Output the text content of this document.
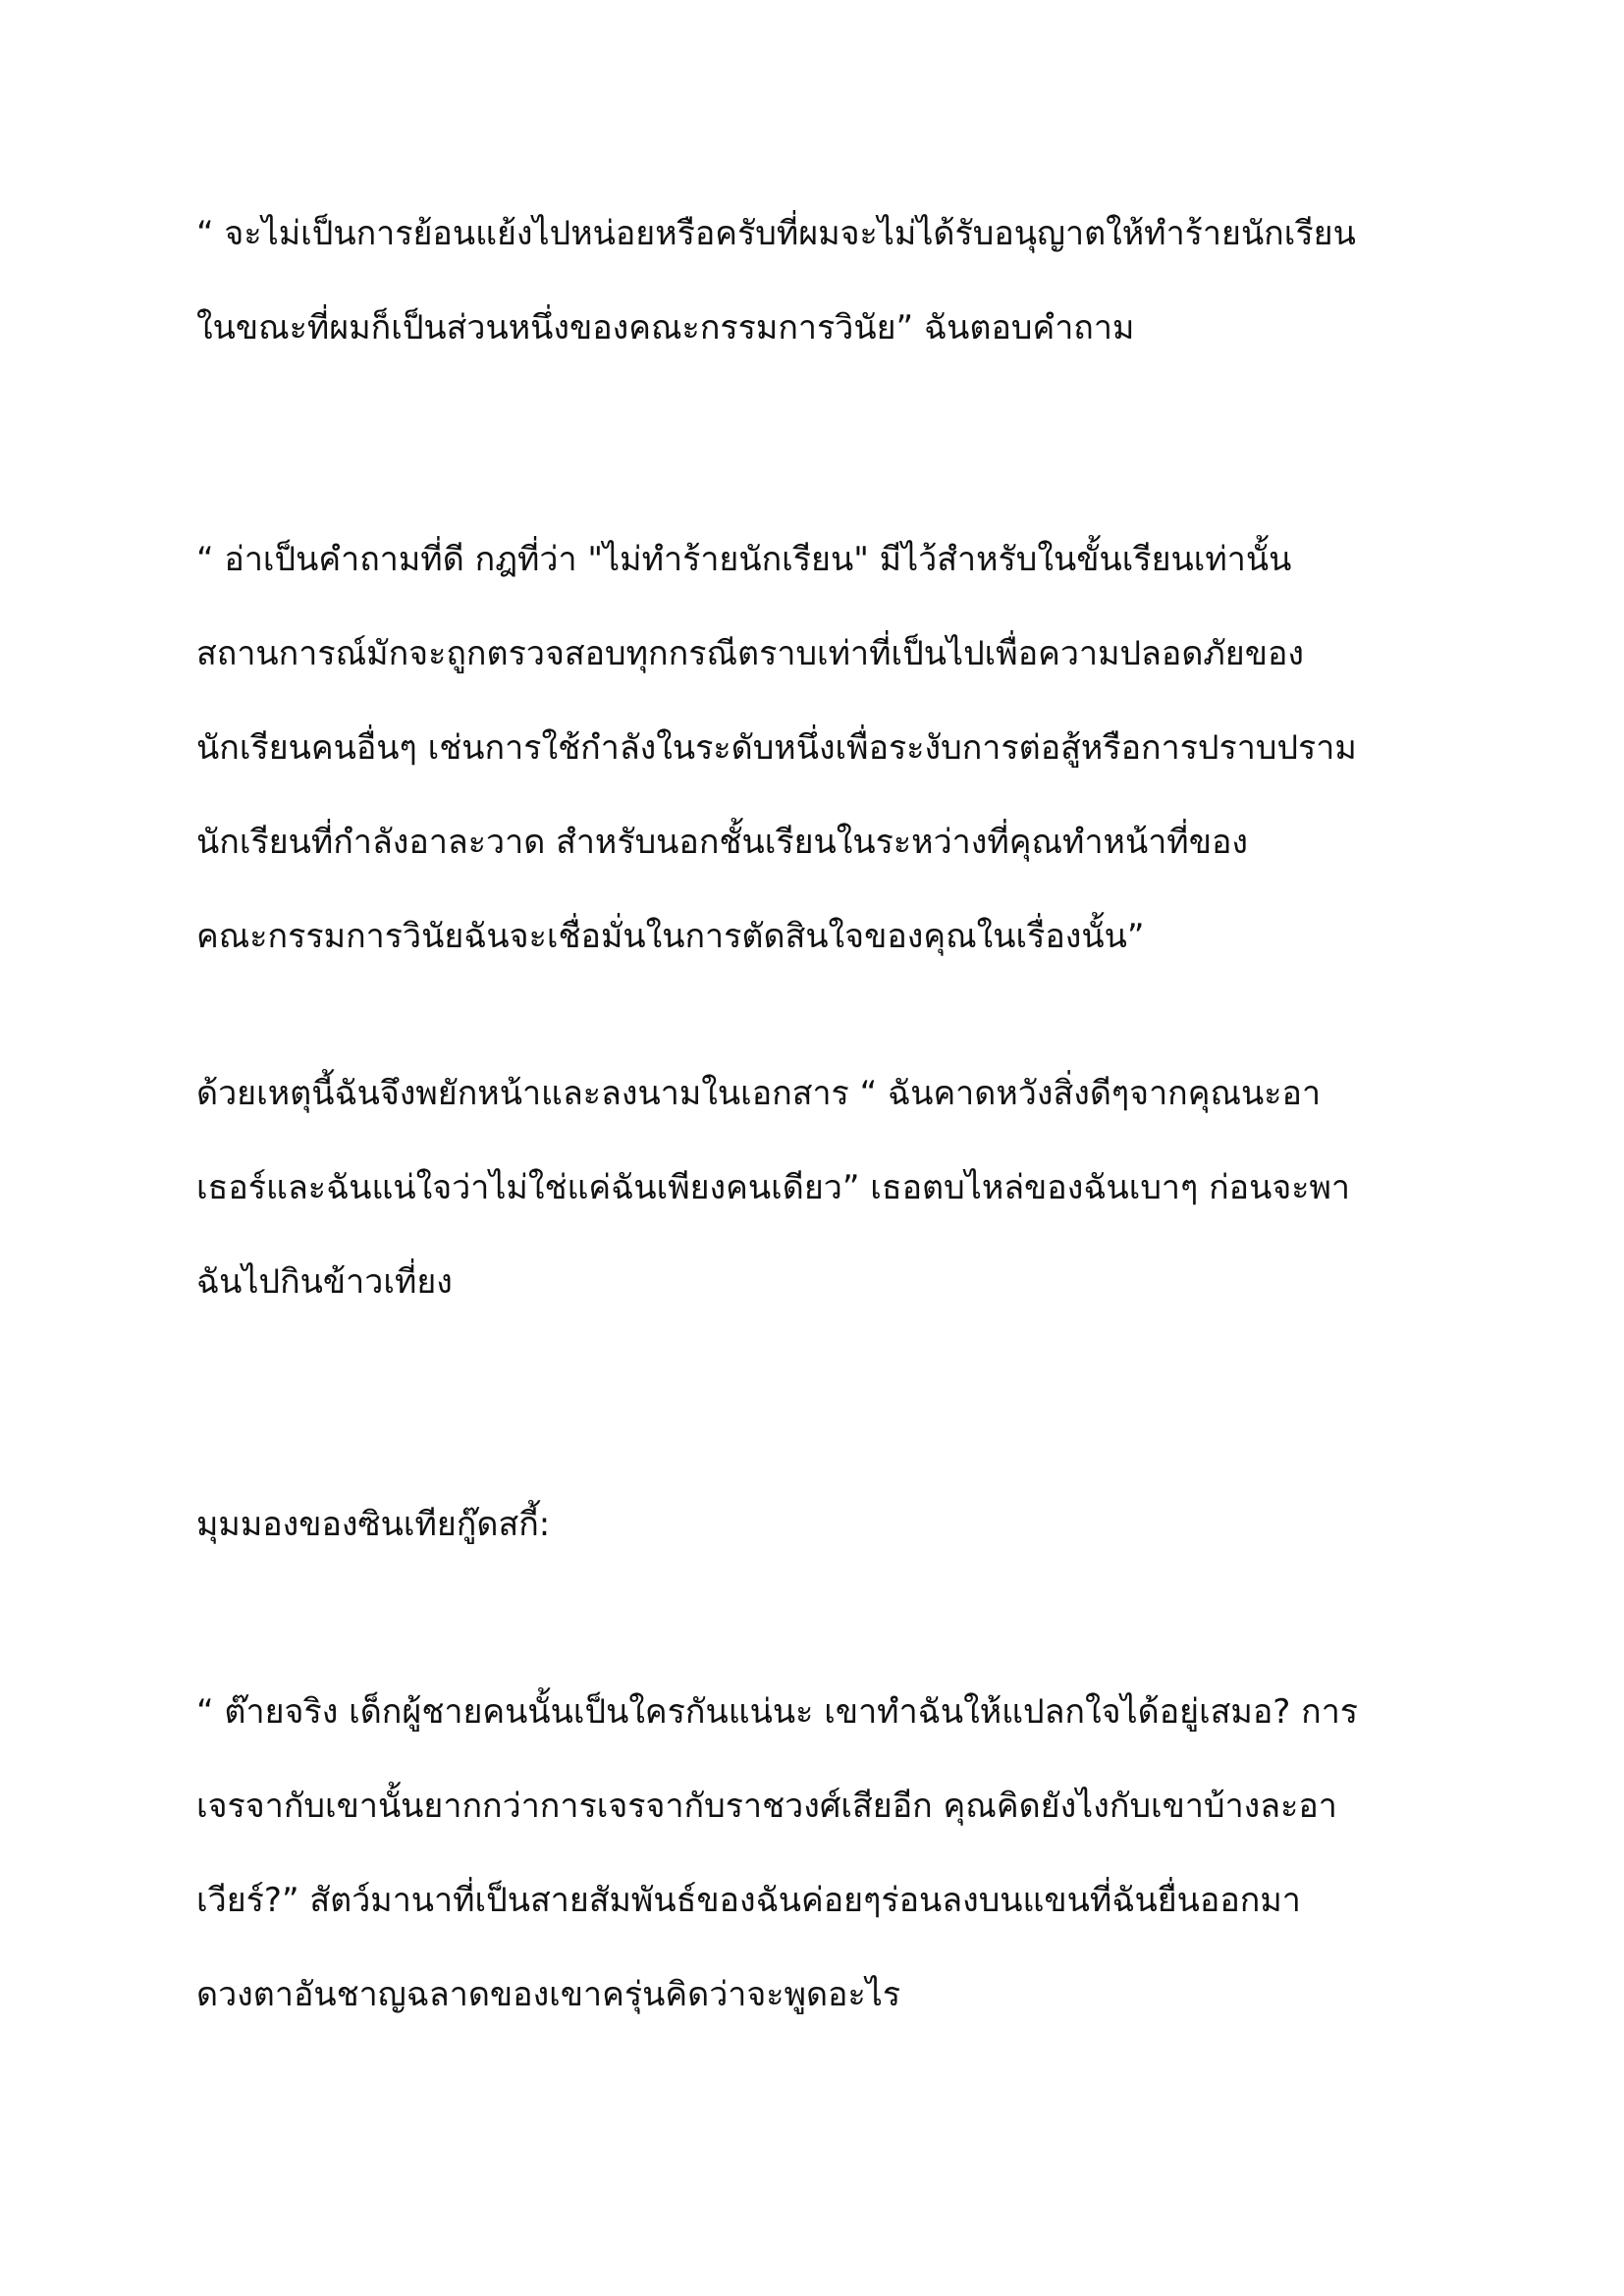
“ จะไม่เป็นการย้อนแย้งไปหน่อยหรือครับที่ผมจะไม่ได้รับอนุญาตให้ทำร้ายนักเรียน
ในขณะที่ผมก็เป็นส่วนหนึ่งของคณะกรรมการวินัย” ฉันตอบคำถาม

“ อ่าเป็นคำถามที่ดี กฎที่ว่า "ไม่ทำร้ายนักเรียน" มีไว้สำหรับในขั้นเรียนเท่านั้น
สถานการณ์มักจะถูกตรวจสอบทุกกรณีตราบเท่าที่เป็นไปเพื่อความปลอดภัยของ
นักเรียนคนอื่นๆ เช่นการใช้กำลังในระดับหนึ่งเพื่อระงับการต่อสู้หรือการปราบปราม
นักเรียนที่กำลังอาละวาด สำหรับนอกชั้นเรียนในระหว่างที่คุณทำหน้าที่ของ
คณะกรรมการวินัยฉันจะเชื่อมั่นในการตัดสินใจของคุณในเรื่องนั้น”

ด้วยเหตุนี้ฉันจึงพยักหน้าและลงนามในเอกสาร “ ฉันคาดหวังสิ่งดีๆจากคุณนะอา
เธอร์และฉันแน่ใจว่าไม่ใช่แค่ฉันเพียงคนเดียว” เธอตบไหล่ของฉันเบาๆ ก่อนจะพา
ฉันไปกินข้าวเที่ยง

มุมมองของซินเทียกู๊ดสกี้:

“ ต๊ายจริง เด็กผู้ชายคนนั้นเป็นใครกันแน่นะ เขาทำฉันให้แปลกใจได้อยู่เสมอ? การ
เจรจากับเขานั้นยากกว่าการเจรจากับราชวงศ์เสียอีก คุณคิดยังไงกับเขาบ้างละอา
เวียร์?” สัตว์มานาที่เป็นสายสัมพันธ์ของฉันค่อยๆร่อนลงบนแขนที่ฉันยื่นออกมา
ดวงตาอันชาญฉลาดของเขาครุ่นคิดว่าจะพูดอะไร
